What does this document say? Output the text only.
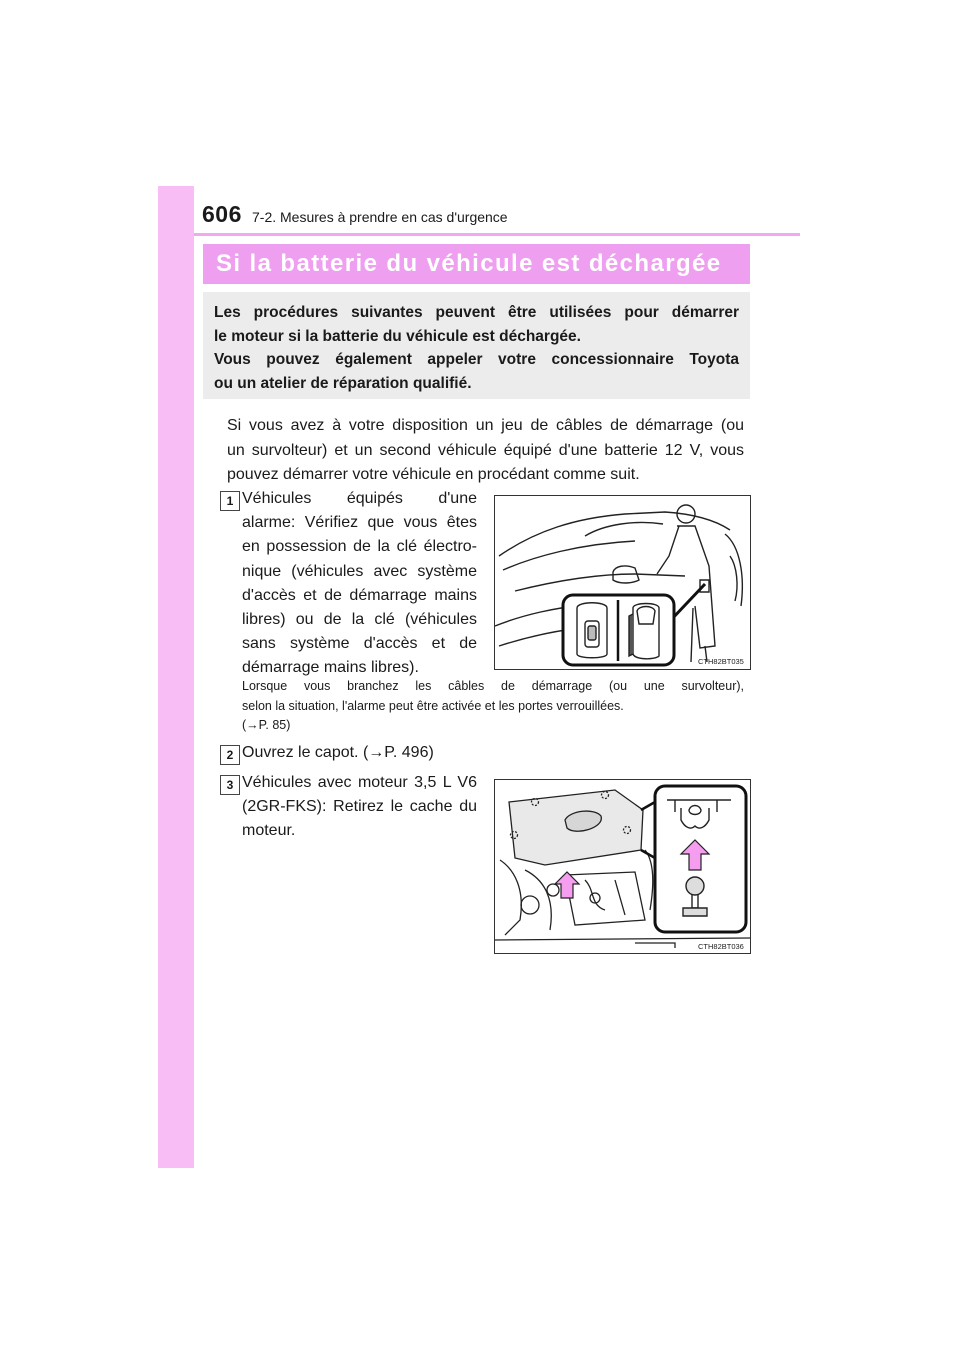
606 7-2. Mesures à prendre en cas d'urgence
Si la batterie du véhicule est déchargée

Les procédures suivantes peuvent être utilisées pour démarrer
le moteur si la batterie du véhicule est déchargée.
Vous pouvez également appeler votre concessionnaire Toyota
ou un atelier de réparation qualifié.

Si vous avez à votre disposition un jeu de câbles de démarrage (ou
un survolteur) et un second véhicule équipé d'une batterie 12 V, vous
pouvez démarrer votre véhicule en procédant comme suit.

1 Véhicules équipés d'une
alarme: Vérifiez que vous êtes
en possession de la clé électro-
nique (véhicules avec système
d'accès et de démarrage mains
libres) ou de la clé (véhicules
sans système d'accès et de
démarrage mains libres).	CTH82BT035

Lorsque vous branchez les câbles de démarrage (ou une survolteur),
selon la situation, l'alarme peut être activée et les portes verrouillées.
(→P. 85)

2 Ouvrez le capot. (→P. 496)

3 Véhicules avec moteur 3,5 L V6
(2GR-FKS): Retirez le cache du
moteur.

CTH82BT036
